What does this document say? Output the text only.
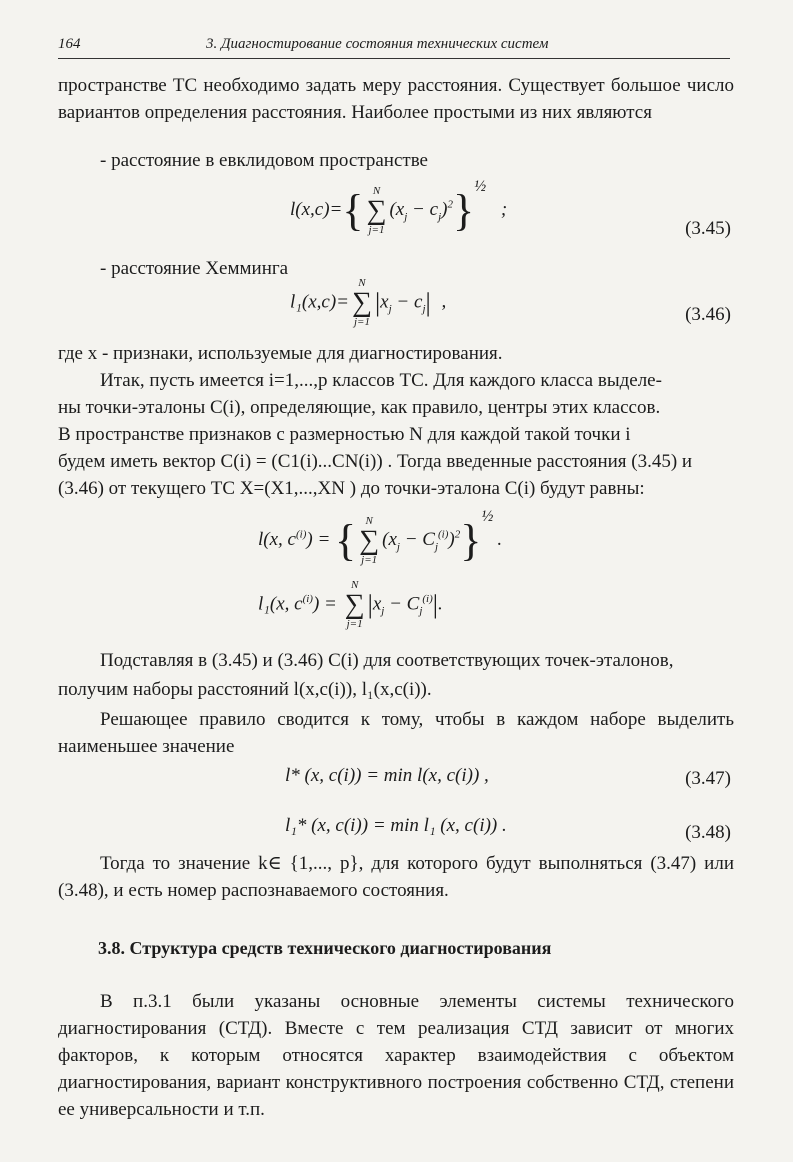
164	3. Диагностирование состояния технических систем
пространстве ТС необходимо задать меру расстояния. Существует большое число вариантов определения расстояния. Наиболее простыми из них являются
- расстояние в евклидовом пространстве
l(x,c)={ N
∑
j=1
$(x_j - c_j)^2\}^{\frac{1}{2}}$ ;
(3.45)
- расстояние Хемминга
l₁(x,c)=
N
∑
j=1
$|x_j - c_j|$ ,
(3.46)
где x - признаки, используемые для диагностирования.
Итак, пусть имеется i=1,...,p классов ТС. Для каждого класса выделе-
ны точки-эталоны C(i), определяющие, как правило, центры этих классов.
В пространстве признаков с размерностью N для каждой такой точки i
будем иметь вектор C(i) = (C1(i)...CN(i)) . Тогда введенные расстояния (3.45) и
(3.46) от текущего ТС X=(X1,...,XN ) до точки-эталона C(i) будут равны:
l(x, $c^{(i)}$) = { N
∑
j=1
$(x_j - C_j^{(i)})^2\}^{\frac{1}{2}}$.
l₁(x, $c^{(i)}$) =
N
∑
j=1
$|x_j - C_j^{(i)}|$.
Подставляя в (3.45) и (3.46) C(i) для соответствующих точек-эталонов,
получим наборы расстояний l(x,c(i)), l₁(x,c(i)).
Решающее правило сводится к тому, чтобы в каждом наборе выделить наименьшее значение
l* (x, c(i)) = min l(x, c(i)) ,	(3.47)
l₁* (x, c(i)) = min l₁ (x, c(i)) .	(3.48)
Тогда то значение k∈ {1,..., p}, для которого будут выполняться (3.47) или (3.48), и есть номер распознаваемого состояния.
3.8. Структура средств технического диагностирования
В п.3.1 были указаны основные элементы системы технического диагностирования (СТД). Вместе с тем реализация СТД зависит от многих факторов, к которым относятся характер взаимодействия с объектом диагностирования, вариант конструктивного построения собственно СТД, степени ее универсальности и т.п.
